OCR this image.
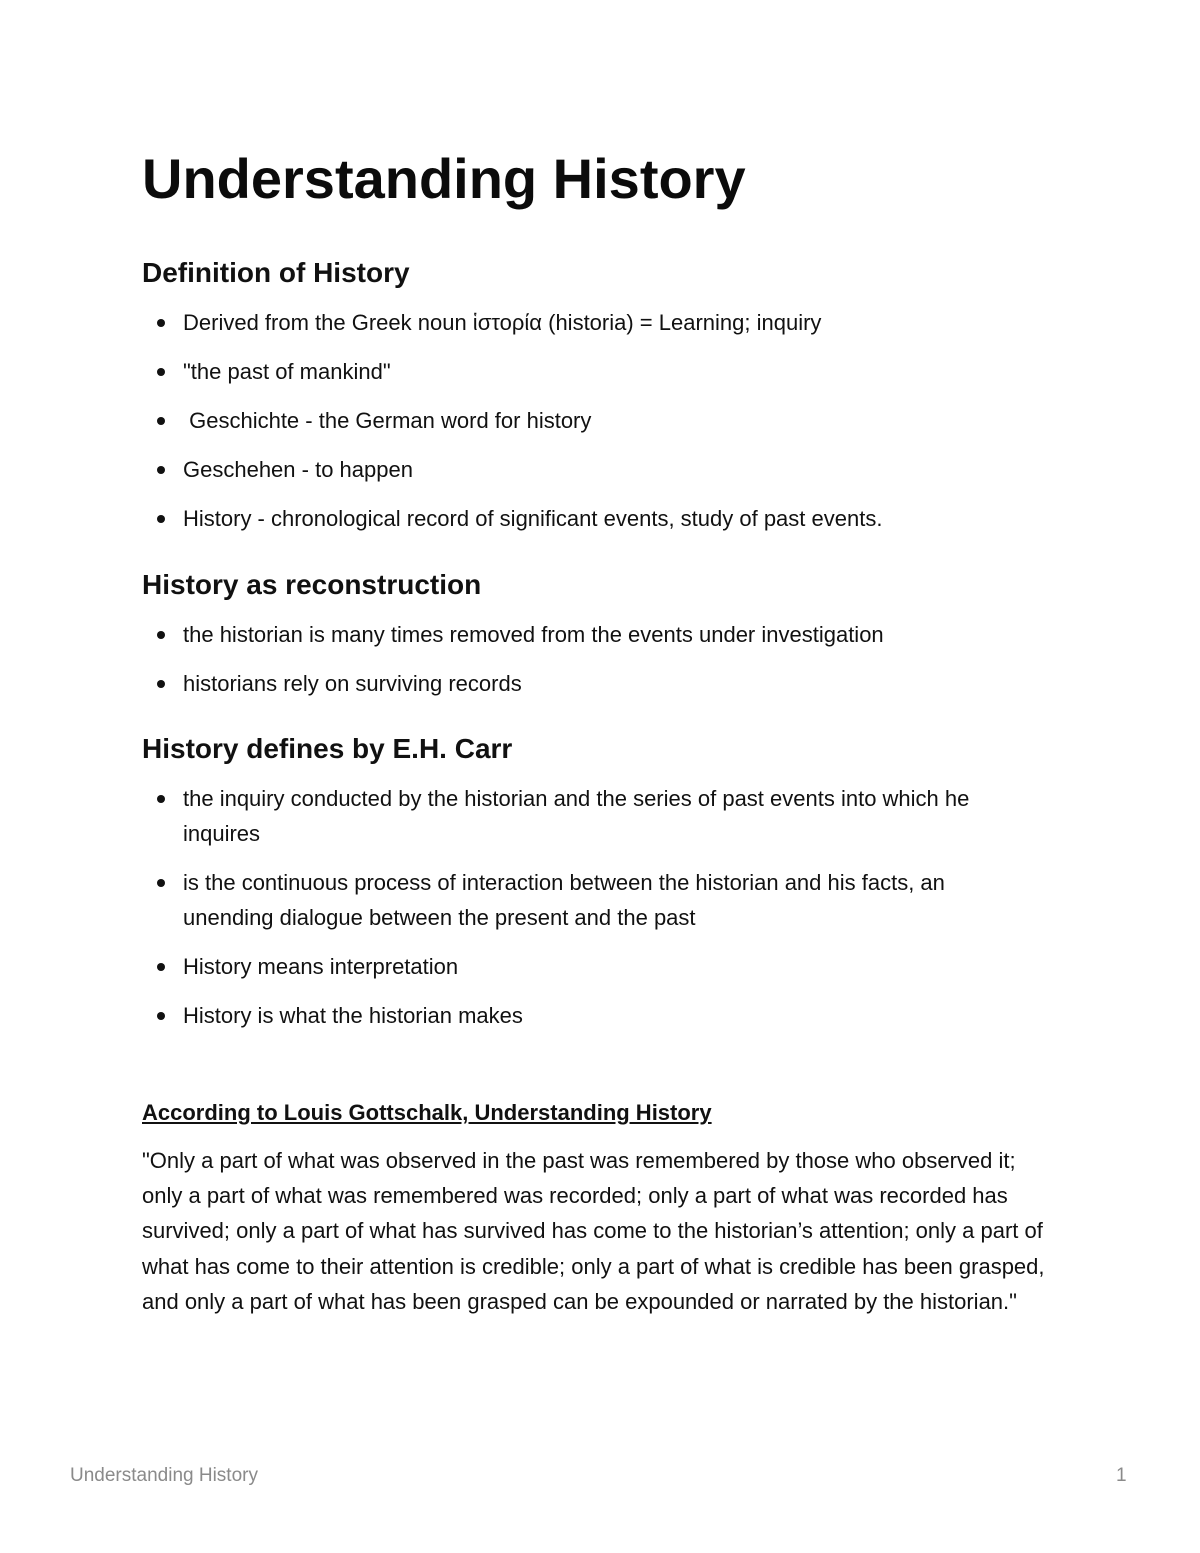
Understanding History
Definition of History
Derived from the Greek noun ἱστορία (historia) = Learning; inquiry
"the past of mankind"
Geschichte - the German word for history
Geschehen - to happen
History - chronological record of significant events, study of past events.
History as reconstruction
the historian is many times removed from the events under investigation
historians rely on surviving records
History defines by E.H. Carr
the inquiry conducted by the historian and the series of past events into which he inquires
is the continuous process of interaction between the historian and his facts, an unending dialogue between the present and the past
History means interpretation
History is what the historian makes
According to Louis Gottschalk, Understanding History

"Only a part of what was observed in the past was remembered by those who observed it; only a part of what was remembered was recorded; only a part of what was recorded has survived; only a part of what has survived has come to the historian’s attention; only a part of what has come to their attention is credible; only a part of what is credible has been grasped, and only a part of what has been grasped can be expounded or narrated by the historian."

Understanding History	1
